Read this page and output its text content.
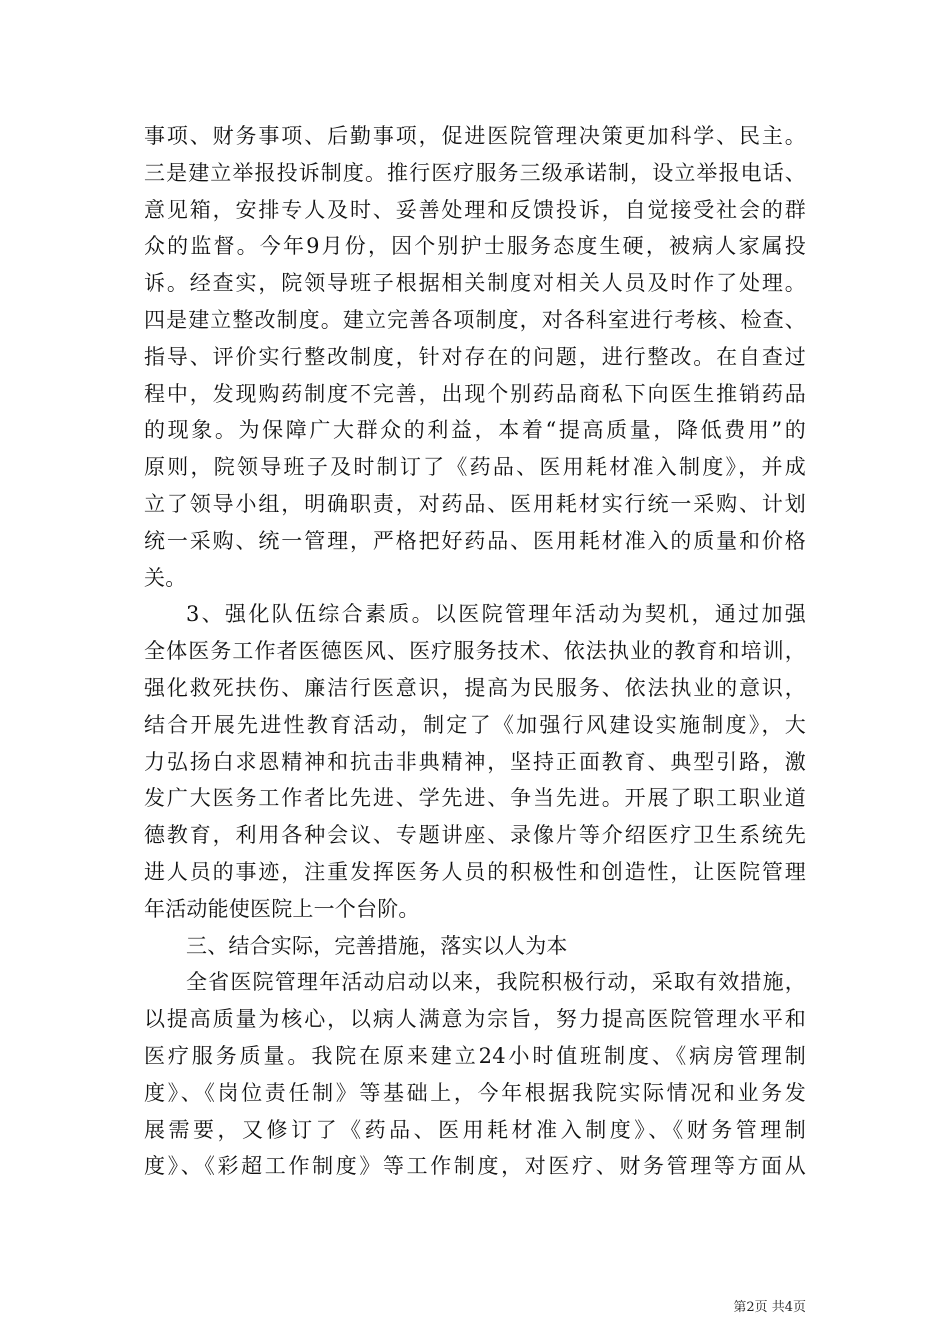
事项、财务事项、后勤事项，促进医院管理决策更加科学、民主。
三是建立举报投诉制度。推行医疗服务三级承诺制，设立举报电话、
意见箱，安排专人及时、妥善处理和反馈投诉，自觉接受社会的群
众的监督。今年9月份，因个别护士服务态度生硬，被病人家属投
诉。经查实，院领导班子根据相关制度对相关人员及时作了处理。
四是建立整改制度。建立完善各项制度，对各科室进行考核、检查、
指导、评价实行整改制度，针对存在的问题，进行整改。在自查过
程中，发现购药制度不完善，出现个别药品商私下向医生推销药品
的现象。为保障广大群众的利益，本着“提高质量，降低费用”的
原则，院领导班子及时制订了《药品、医用耗材准入制度》，并成
立了领导小组，明确职责，对药品、医用耗材实行统一采购、计划
统一采购、统一管理，严格把好药品、医用耗材准入的质量和价格
关。
3、强化队伍综合素质。以医院管理年活动为契机，通过加强
全体医务工作者医德医风、医疗服务技术、依法执业的教育和培训，
强化救死扶伤、廉洁行医意识，提高为民服务、依法执业的意识，
结合开展先进性教育活动，制定了《加强行风建设实施制度》，大
力弘扬白求恩精神和抗击非典精神，坚持正面教育、典型引路，激
发广大医务工作者比先进、学先进、争当先进。开展了职工职业道
德教育，利用各种会议、专题讲座、录像片等介绍医疗卫生系统先
进人员的事迹，注重发挥医务人员的积极性和创造性，让医院管理
年活动能使医院上一个台阶。
三、结合实际，完善措施，落实以人为本
全省医院管理年活动启动以来，我院积极行动，采取有效措施，
以提高质量为核心，以病人满意为宗旨，努力提高医院管理水平和
医疗服务质量。我院在原来建立24小时值班制度、《病房管理制
度》、《岗位责任制》等基础上，今年根据我院实际情况和业务发
展需要，又修订了《药品、医用耗材准入制度》、《财务管理制
度》、《彩超工作制度》等工作制度，对医疗、财务管理等方面从
第2页 共4页
